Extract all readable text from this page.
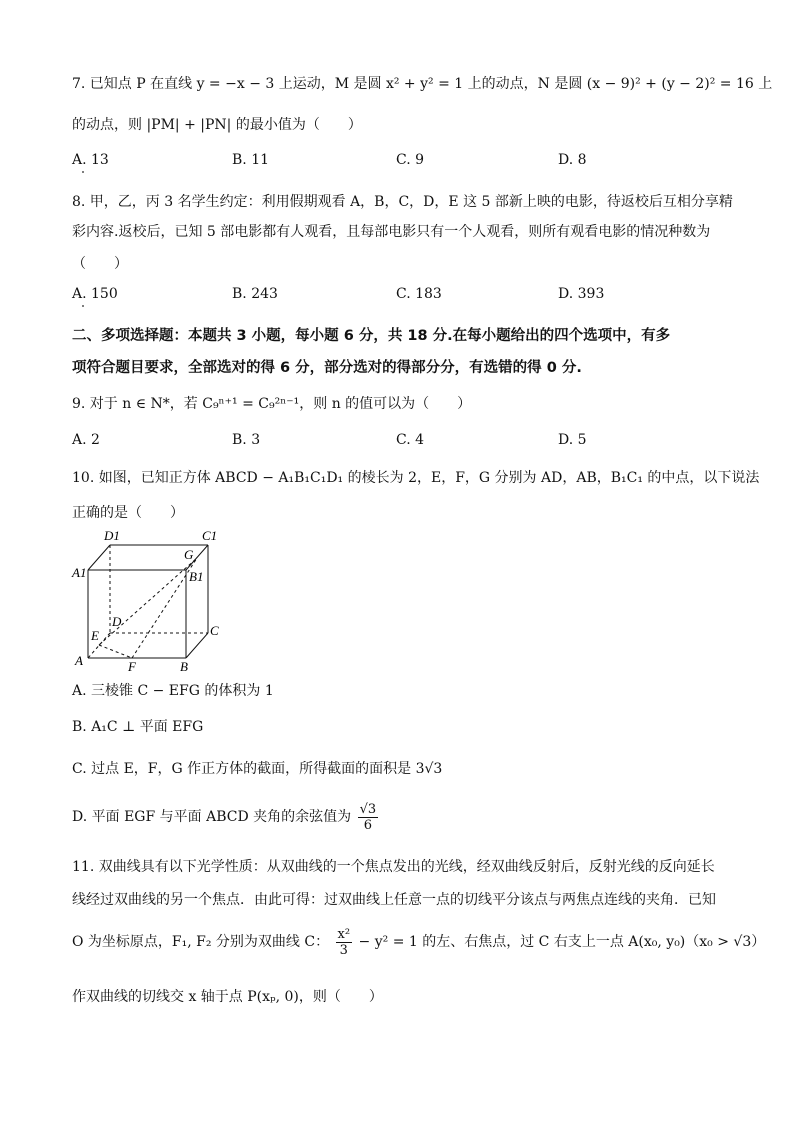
7. 已知点 P 在直线 y = −x − 3 上运动，M 是圆 x² + y² = 1 上的动点，N 是圆 (x − 9)² + (y − 2)² = 16 上
的动点，则 |PM| + |PN| 的最小值为（　　）
A. 13	B. 11	C. 9	D. 8
8. 甲，乙，丙 3 名学生约定：利用假期观看 A，B，C，D，E 这 5 部新上映的电影，待返校后互相分享精
彩内容.返校后，已知 5 部电影都有人观看，且每部电影只有一个人观看，则所有观看电影的情况种数为
（　　）
A. 150	B. 243	C. 183	D. 393
二、多项选择题：本题共 3 小题，每小题 6 分，共 18 分.在每小题给出的四个选项中，有多
项符合题目要求，全部选对的得 6 分，部分选对的得部分分，有选错的得 0 分.
9. 对于 n ∈ N*，若 C₉ⁿ⁺¹ = C₉²ⁿ⁻¹，则 n 的值可以为（　　）
A. 2	B. 3	C. 4	D. 5
10. 如图，已知正方体 ABCD − A₁B₁C₁D₁ 的棱长为 2，E，F，G 分别为 AD，AB，B₁C₁ 的中点，以下说法
正确的是（　　）
D1	C1
G
A1	B1
D
C
E
A	F	B
A. 三棱锥 C − EFG 的体积为 1
B. A₁C ⊥ 平面 EFG
C. 过点 E，F，G 作正方体的截面，所得截面的面积是 3√3
D. 平面 EGF 与平面 ABCD 夹角的余弦值为 $\frac{√3}{6}$
11. 双曲线具有以下光学性质：从双曲线的一个焦点发出的光线，经双曲线反射后，反射光线的反向延长
线经过双曲线的另一个焦点．由此可得：过双曲线上任意一点的切线平分该点与两焦点连线的夹角．已知
O 为坐标原点，F₁, F₂ 分别为双曲线 C： $\frac{\text{x²}}{3} - y^2 = 1$ 的左、右焦点，过 C 右支上一点 A(x₀, y₀)（x₀ > √3）
作双曲线的切线交 x 轴于点 P(xₚ, 0)，则（　　）
